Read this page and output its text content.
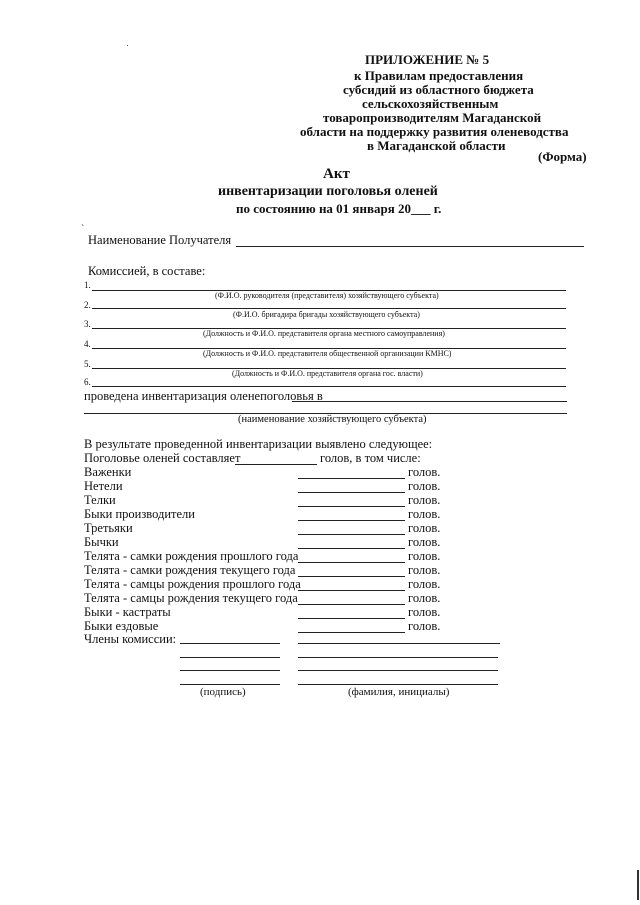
ПРИЛОЖЕНИЕ № 5
к Правилам предоставления
субсидий из областного бюджета
сельскохозяйственным
товаропроизводителям Магаданской
области на поддержку развития оленеводства
в Магаданской области
(Форма)
Акт
инвентаризации поголовья оленей
по состоянию на 01 января 20___ г.
ˋ
Наименование Получателя
Комиссией, в составе:
1.
(Ф.И.О. руководителя (представителя) хозяйствующего субъекта)
2.
(Ф.И.О. бригадира бригады хозяйствующего субъекта)
3.
(Должность и Ф.И.О. представителя органа местного самоуправления)
4.
(Должность и Ф.И.О. представителя общественной организации КМНС)
5.
(Должность и Ф.И.О. представителя органа гос. власти)
6.
проведена инвентаризация оленепоголовья в
(наименование хозяйствующего субъекта)
В результате проведенной инвентаризации выявлено следующее:
Поголовье оленей составляет	голов, в том числе:
Важенки	голов.
Нетели	голов.
Телки	голов.
Быки производители	голов.
Третьяки	голов.
Бычки	голов.
Телята - самки рождения прошлого года	голов.
Телята - самки рождения текущего года	голов.
Телята - самцы рождения прошлого года	голов.
Телята - самцы рождения текущего года	голов.
Быки - кастраты	голов.
Быки ездовые	голов.
Члены комиссии:
(подпись)	(фамилия, инициалы)
